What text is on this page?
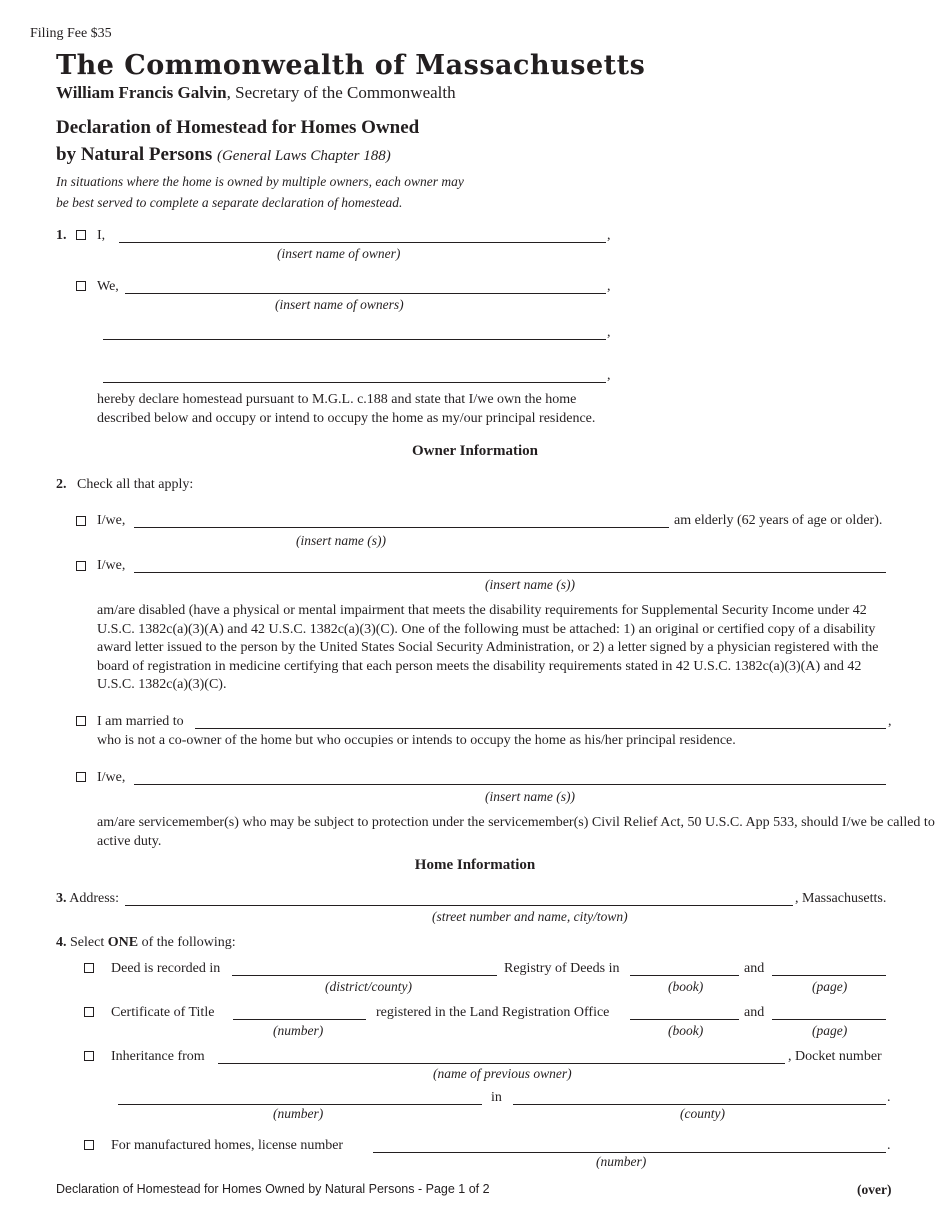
Filing Fee $35
The Commonwealth of Massachusetts
William Francis Galvin, Secretary of the Commonwealth
Declaration of Homestead for Homes Owned
by Natural Persons (General Laws Chapter 188)
In situations where the home is owned by multiple owners, each owner may
be best served to complete a separate declaration of homestead.
1. I,	,
(insert name of owner)
We,	,
(insert name of owners)
,
,
hereby declare homestead pursuant to M.G.L. c.188 and state that I/we own the home
described below and occupy or intend to occupy the home as my/our principal residence.
Owner Information
2. Check all that apply:
I/we,	am elderly (62 years of age or older).
(insert name (s))
I/we,
(insert name (s))
am/are disabled (have a physical or mental impairment that meets the disability requirements for Supplemental Security Income under 42 U.S.C. 1382c(a)(3)(A) and 42 U.S.C. 1382c(a)(3)(C). One of the following must be attached: 1) an original or certified copy of a disability award letter issued to the person by the United States Social Security Administration, or 2) a letter signed by a physician registered with the board of registration in medicine certifying that each person meets the disability requirements stated in 42 U.S.C. 1382c(a)(3)(A) and 42 U.S.C. 1382c(a)(3)(C).
I am married to	,
who is not a co-owner of the home but who occupies or intends to occupy the home as his/her principal residence.
I/we,
(insert name (s))
am/are servicemember(s) who may be subject to protection under the servicemember(s) Civil Relief Act, 50 U.S.C. App 533, should I/we be called to active duty.
Home Information
3. Address:	, Massachusetts.
(street number and name, city/town)
4. Select ONE of the following:
Deed is recorded in	Registry of Deeds in	and
(district/county)	(book)	(page)
Certificate of Title	registered in the Land Registration Office	and
(number)	(book)	(page)
Inheritance from	, Docket number
(name of previous owner)
in	.
(number)	(county)
For manufactured homes, license number	.
(number)
Declaration of Homestead for Homes Owned by Natural Persons - Page 1 of 2	(over)
